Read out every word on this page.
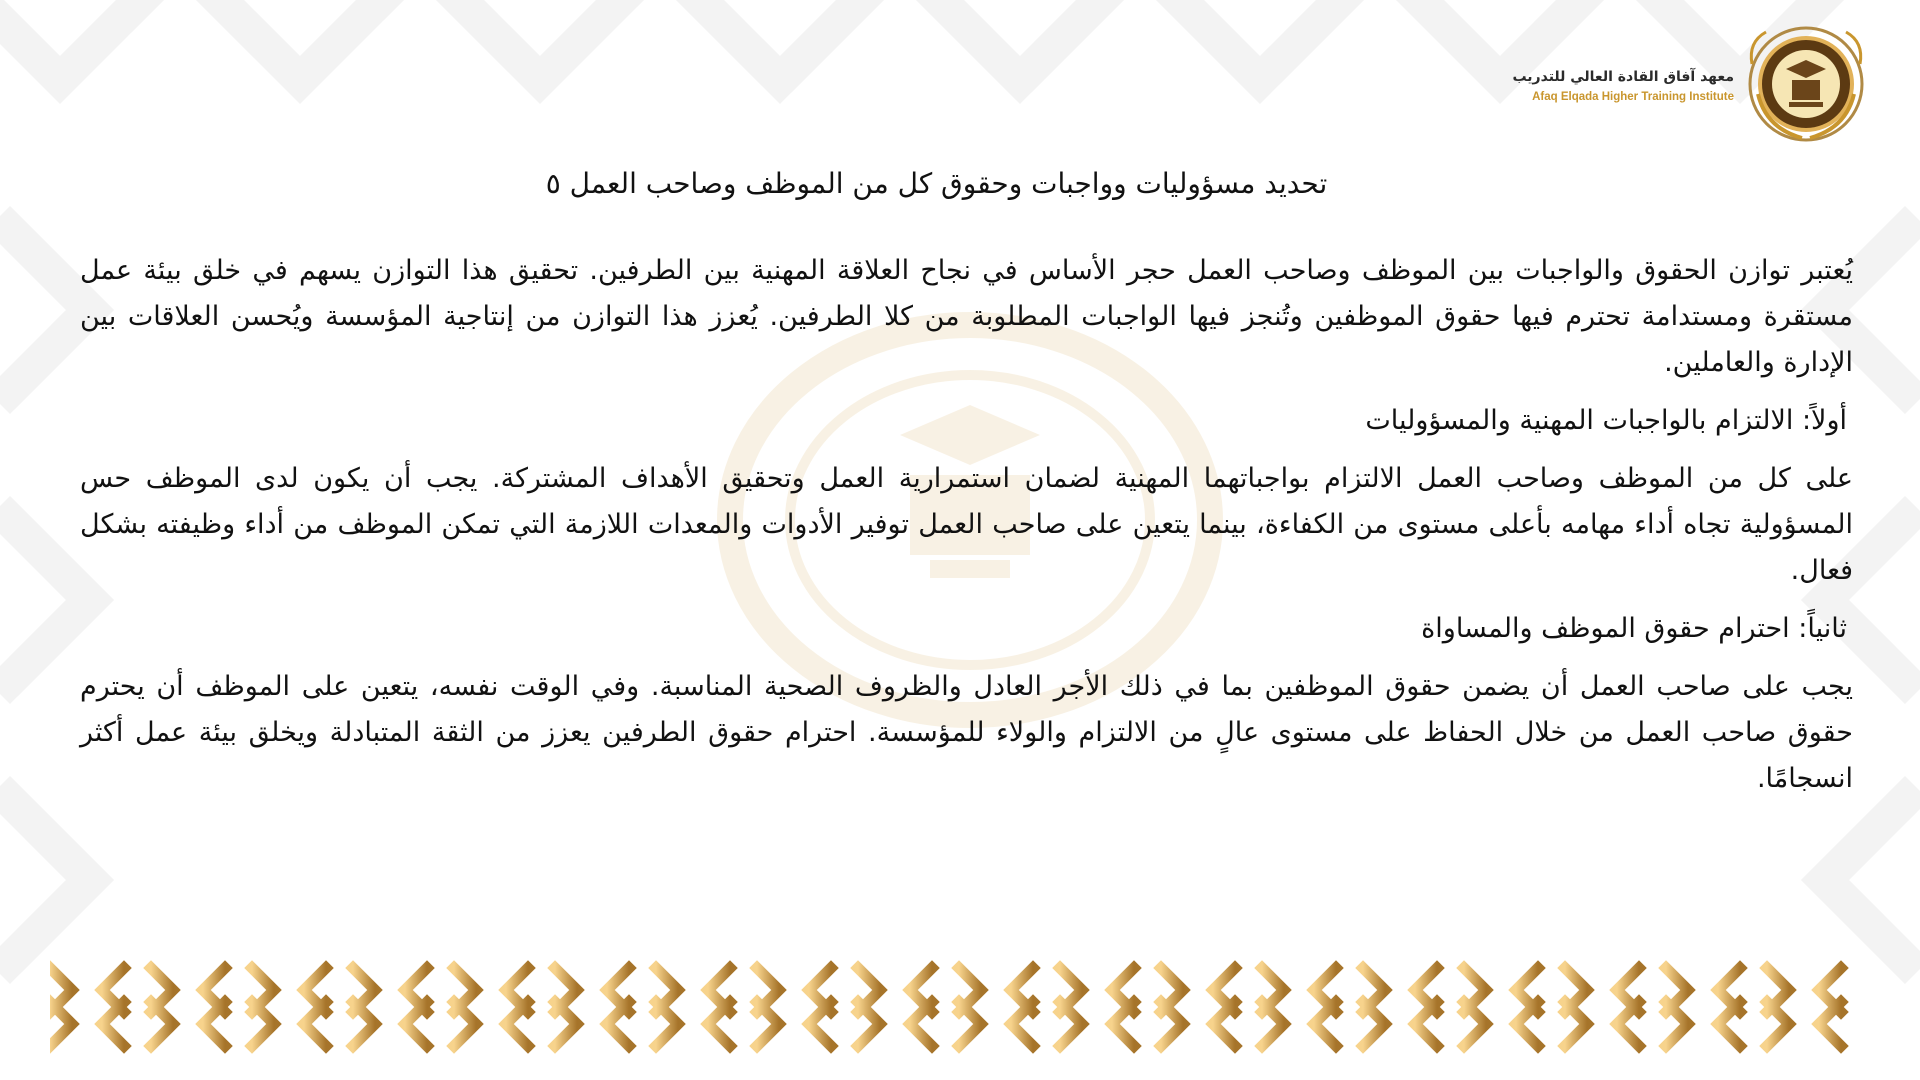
معهد آفاق القادة العالي للتدريب
Afaq Elqada Higher Training Institute
تحديد مسؤوليات وواجبات وحقوق كل من الموظف وصاحب العمل ٥

يُعتبر توازن الحقوق والواجبات بين الموظف وصاحب العمل حجر الأساس في نجاح العلاقة المهنية بين الطرفين. تحقيق هذا التوازن يسهم في خلق بيئة عمل مستقرة ومستدامة تحترم فيها حقوق الموظفين وتُنجز فيها الواجبات المطلوبة من كلا الطرفين. يُعزز هذا التوازن من إنتاجية المؤسسة ويُحسن العلاقات بين الإدارة والعاملين.

أولاً: الالتزام بالواجبات المهنية والمسؤوليات

على كل من الموظف وصاحب العمل الالتزام بواجباتهما المهنية لضمان استمرارية العمل وتحقيق الأهداف المشتركة. يجب أن يكون لدى الموظف حس المسؤولية تجاه أداء مهامه بأعلى مستوى من الكفاءة، بينما يتعين على صاحب العمل توفير الأدوات والمعدات اللازمة التي تمكن الموظف من أداء وظيفته بشكل فعال.

ثانياً: احترام حقوق الموظف والمساواة

يجب على صاحب العمل أن يضمن حقوق الموظفين بما في ذلك الأجر العادل والظروف الصحية المناسبة. وفي الوقت نفسه، يتعين على الموظف أن يحترم حقوق صاحب العمل من خلال الحفاظ على مستوى عالٍ من الالتزام والولاء للمؤسسة. احترام حقوق الطرفين يعزز من الثقة المتبادلة ويخلق بيئة عمل أكثر انسجامًا.
